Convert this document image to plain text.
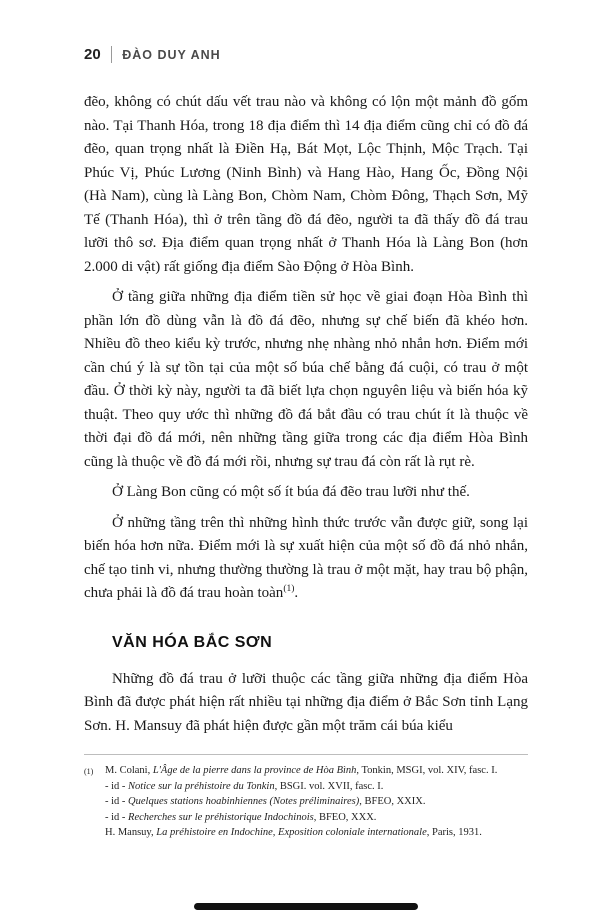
20 ĐÀO DUY ANH

đẽo, không có chút dấu vết trau nào và không có lộn một mảnh đồ gốm nào. Tại Thanh Hóa, trong 18 địa điểm thì 14 địa điểm cũng chỉ có đồ đá đẽo, quan trọng nhất là Điền Hạ, Bát Mọt, Lộc Thịnh, Mộc Trạch. Tại Phúc Vị, Phúc Lương (Ninh Bình) và Hang Hào, Hang Ốc, Đồng Nội (Hà Nam), cùng là Làng Bon, Chòm Nam, Chòm Đông, Thạch Sơn, Mỹ Tế (Thanh Hóa), thì ở trên tầng đồ đá đẽo, người ta đã thấy đồ đá trau lưỡi thô sơ. Địa điểm quan trọng nhất ở Thanh Hóa là Làng Bon (hơn 2.000 di vật) rất giống địa điểm Sào Động ở Hòa Bình.

Ở tầng giữa những địa điểm tiền sử học về giai đoạn Hòa Bình thì phần lớn đồ dùng vẫn là đồ đá đẽo, nhưng sự chế biến đã khéo hơn. Nhiều đồ theo kiểu kỳ trước, nhưng nhẹ nhàng nhỏ nhắn hơn. Điểm mới cần chú ý là sự tồn tại của một số búa chế bằng đá cuội, có trau ở một đầu. Ở thời kỳ này, người ta đã biết lựa chọn nguyên liệu và biến hóa kỹ thuật. Theo quy ước thì những đồ đá bắt đầu có trau chút ít là thuộc về thời đại đồ đá mới, nên những tầng giữa trong các địa điểm Hòa Bình cũng là thuộc về đồ đá mới rồi, nhưng sự trau đá còn rất là rụt rè.

Ở Làng Bon cũng có một số ít búa đá đẽo trau lưỡi như thế.

Ở những tầng trên thì những hình thức trước vẫn được giữ, song lại biến hóa hơn nữa. Điểm mới là sự xuất hiện của một số đồ đá nhỏ nhắn, chế tạo tinh vi, nhưng thường thường là trau ở một mặt, hay trau bộ phận, chưa phải là đồ đá trau hoàn toàn$^{(1)}$.

VĂN HÓA BẮC SƠN

Những đồ đá trau ở lưỡi thuộc các tầng giữa những địa điểm Hòa Bình đã được phát hiện rất nhiều tại những địa điểm ở Bắc Sơn tỉnh Lạng Sơn. H. Mansuy đã phát hiện được gần một trăm cái búa kiểu

(1) M. Colani, L'Âge de la pierre dans la province de Hòa Bình, Tonkin, MSGI, vol. XIV, fasc. I.
- id - Notice sur la préhistoire du Tonkin, BSGI. vol. XVII, fasc. I.
- id - Quelques stations hoabinhiennes (Notes préliminaires), BFEO, XXIX.
- id - Recherches sur le préhistorique Indochinois, BFEO, XXX.
H. Mansuy, La préhistoire en Indochine, Exposition coloniale internationale, Paris, 1931.
